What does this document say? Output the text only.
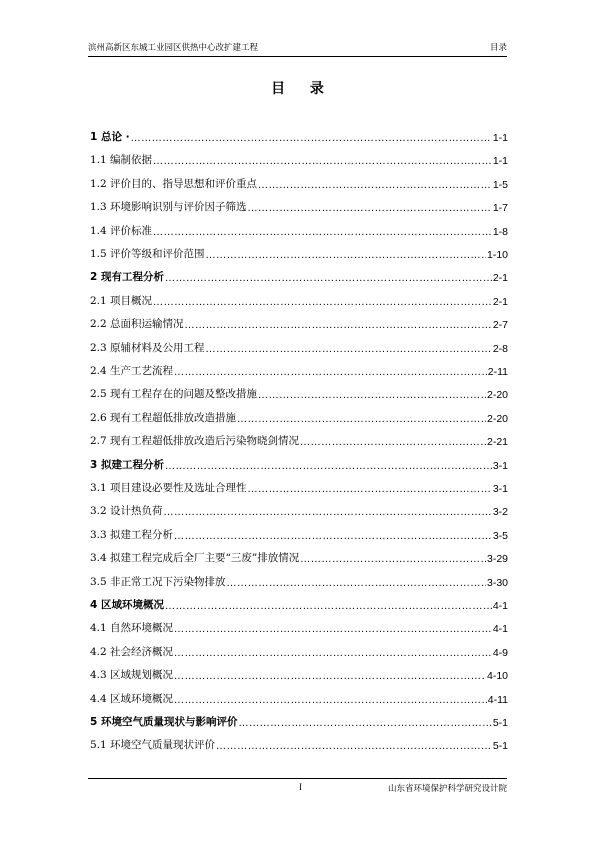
滨州高新区东城工业园区供热中心改扩建工程	目录
目 录
1 总论 · ……………………………………………………………………………………………………………………………………………………	1-1
1.1 编制依据 ……………………………………………………………………………………………………………………………………………………	1-1
1.2 评价目的、指导思想和评价重点 ……………………………………………………………………………………………………………………………………………………	1-5
1.3 环境影响识别与评价因子筛选 ……………………………………………………………………………………………………………………………………………………	1-7
1.4 评价标准 ……………………………………………………………………………………………………………………………………………………	1-8
1.5 评价等级和评价范围 ……………………………………………………………………………………………………………………………………………………	1-10
2 现有工程分析 ……………………………………………………………………………………………………………………………………………………	2-1
2.1 项目概况 ……………………………………………………………………………………………………………………………………………………	2-1
2.2 总面积运输情况 ……………………………………………………………………………………………………………………………………………………	2-7
2.3 原辅材料及公用工程 ……………………………………………………………………………………………………………………………………………………	2-8
2.4 生产工艺流程 ……………………………………………………………………………………………………………………………………………………	2-11
2.5 现有工程存在的问题及整改措施 ……………………………………………………………………………………………………………………………………………………	2-20
2.6 现有工程超低排放改造措施 ……………………………………………………………………………………………………………………………………………………	2-20
2.7 现有工程超低排放改造后污染物晓剑情况 ……………………………………………………………………………………………………………………………………………………	2-21
3 拟建工程分析 ……………………………………………………………………………………………………………………………………………………	3-1
3.1 项目建设必要性及选址合理性 ……………………………………………………………………………………………………………………………………………………	3-1
3.2 设计热负荷 ……………………………………………………………………………………………………………………………………………………	3-2
3.3 拟建工程分析 ……………………………………………………………………………………………………………………………………………………	3-5
3.4 拟建工程完成后全厂主要“三废”排放情况 ……………………………………………………………………………………………………………………………………………………	3-29
3.5 非正常工况下污染物排放 ……………………………………………………………………………………………………………………………………………………	3-30
4 区域环境概况 ……………………………………………………………………………………………………………………………………………………	4-1
4.1 自然环境概况 ……………………………………………………………………………………………………………………………………………………	4-1
4.2 社会经济概况 ……………………………………………………………………………………………………………………………………………………	4-9
4.3 区域规划概况 ……………………………………………………………………………………………………………………………………………………	4-10
4.4 区域环境概况 ……………………………………………………………………………………………………………………………………………………	4-11
5 环境空气质量现状与影响评价 ……………………………………………………………………………………………………………………………………………………	5-1
5.1 环境空气质量现状评价 ……………………………………………………………………………………………………………………………………………………	5-1
I	山东省环境保护科学研究设计院
